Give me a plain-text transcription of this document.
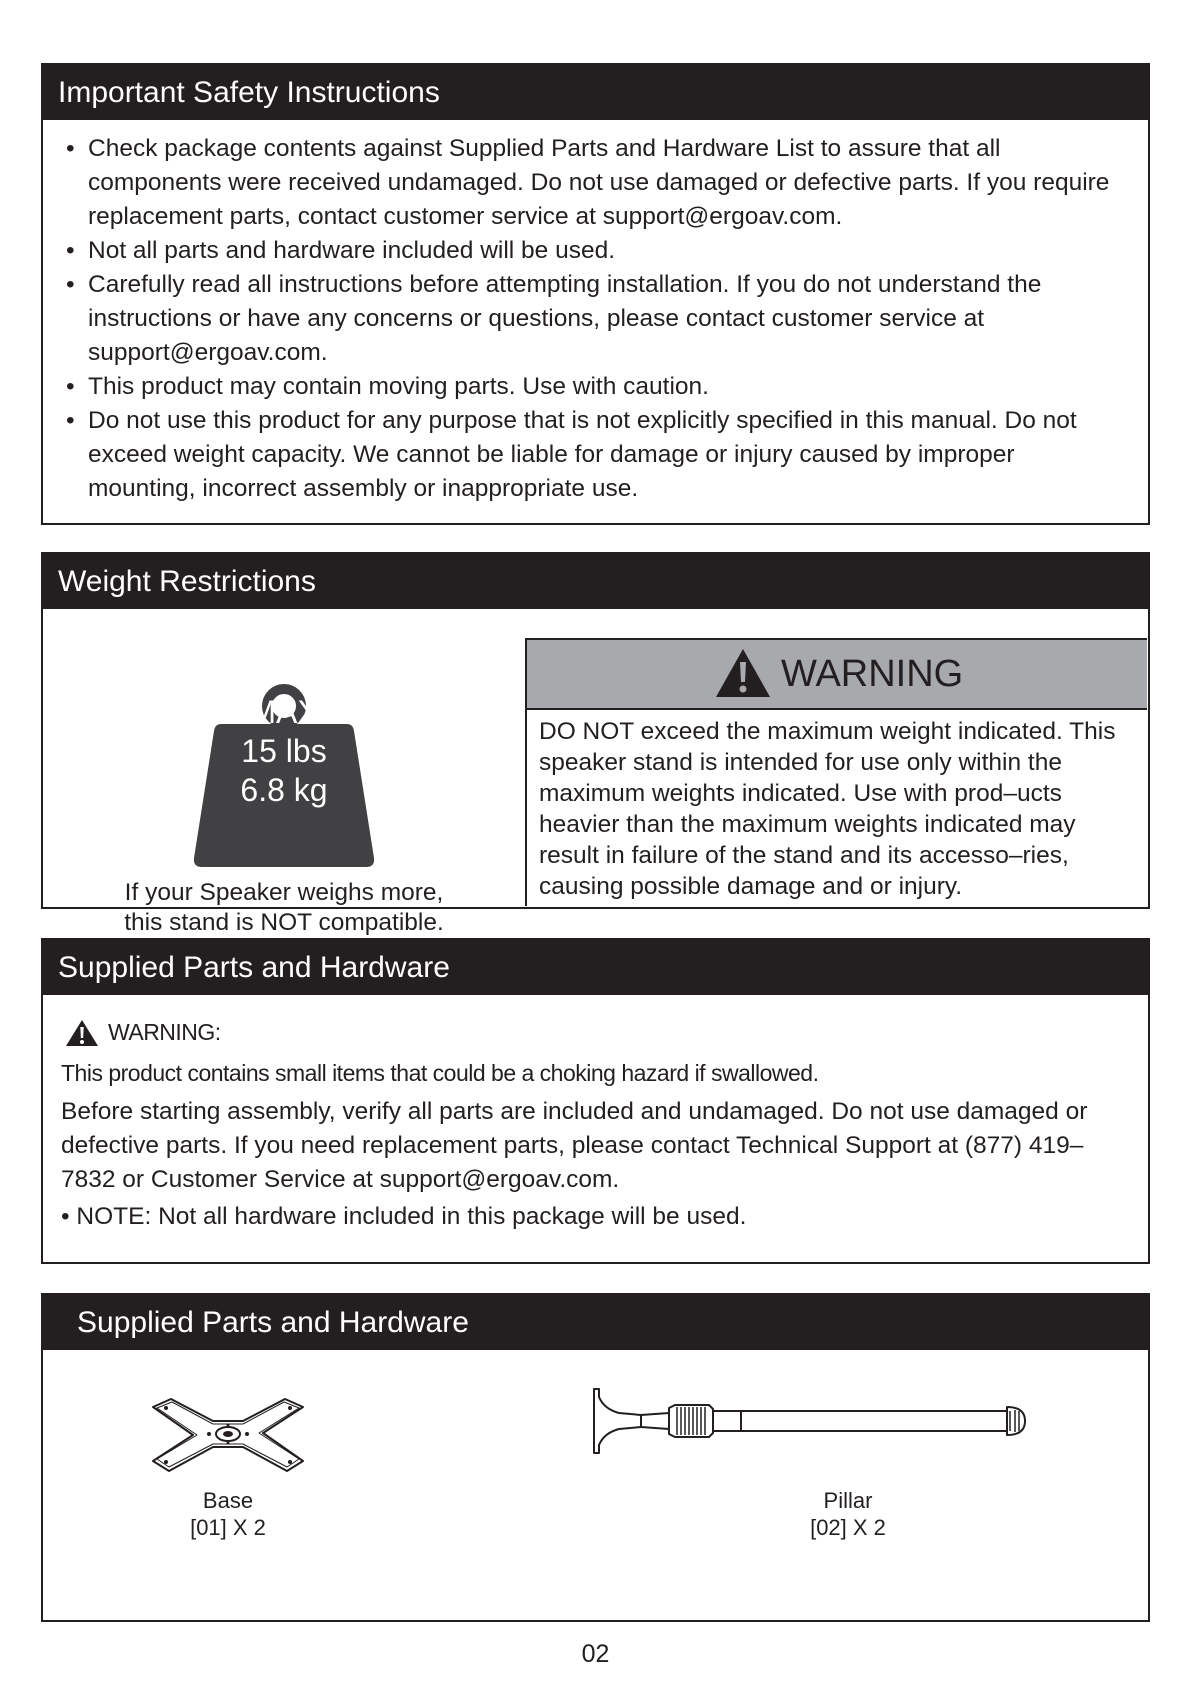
Important Safety Instructions
• Check package contents against Supplied Parts and Hardware List to assure that all components were received undamaged. Do not use damaged or defective parts. If you require replacement parts, contact customer service at support@ergoav.com.
• Not all parts and hardware included will be used.
• Carefully read all instructions before attempting installation. If you do not understand the instructions or have any concerns or questions, please contact customer service at support@ergoav.com.
• This product may contain moving parts. Use with caution.
• Do not use this product for any purpose that is not explicitly specified in this manual. Do not exceed weight capacity. We cannot be liable for damage or injury caused by improper mounting, incorrect assembly or inappropriate use.
Weight Restrictions
MAX
15 lbs
6.8 kg
If your Speaker weighs more,
this stand is NOT compatible.
WARNING
DO NOT exceed the maximum weight indicated. This speaker stand is intended for use only within the maximum weights indicated. Use with prod–ucts heavier than the maximum weights indicated may result in failure of the stand and its accesso–ries, causing possible damage and or injury.
Supplied Parts and Hardware
WARNING:
This product contains small items that could be a choking hazard if swallowed.
Before starting assembly, verify all parts are included and undamaged. Do not use damaged or defective parts. If you need replacement parts, please contact Technical Support at (877) 419–7832 or Customer Service at support@ergoav.com.
• NOTE: Not all hardware included in this package will be used.
Supplied Parts and Hardware
Base
[01] X 2
Pillar
[02] X 2
02
